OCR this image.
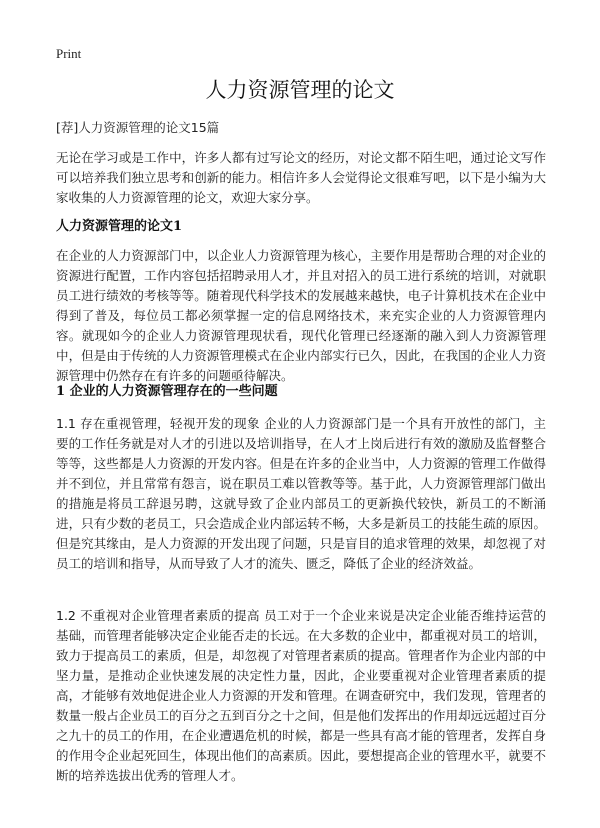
Print
人力资源管理的论文

[荐]人力资源管理的论文15篇

无论在学习或是工作中，许多人都有过写论文的经历，对论文都不陌生吧，通过论文写作可以培养我们独立思考和创新的能力。相信许多人会觉得论文很难写吧，以下是小编为大家收集的人力资源管理的论文，欢迎大家分享。

人力资源管理的论文1

在企业的人力资源部门中，以企业人力资源管理为核心，主要作用是帮助合理的对企业的资源进行配置，工作内容包括招聘录用人才，并且对招入的员工进行系统的培训，对就职员工进行绩效的考核等等。随着现代科学技术的发展越来越快，电子计算机技术在企业中得到了普及，每位员工都必须掌握一定的信息网络技术，来充实企业的人力资源管理内容。就现如今的企业人力资源管理现状看，现代化管理已经逐渐的融入到人力资源管理中，但是由于传统的人力资源管理模式在企业内部实行已久，因此，在我国的企业人力资源管理中仍然存在有许多的问题亟待解决。

1 企业的人力资源管理存在的一些问题

1.1 存在重视管理，轻视开发的现象 企业的人力资源部门是一个具有开放性的部门，主要的工作任务就是对人才的引进以及培训指导，在人才上岗后进行有效的激励及监督整合等等，这些都是人力资源的开发内容。但是在许多的企业当中，人力资源的管理工作做得并不到位，并且常常有怨言，说在职员工难以管教等等。基于此，人力资源管理部门做出的措施是将员工辞退另聘，这就导致了企业内部员工的更新换代较快，新员工的不断涌进，只有少数的老员工，只会造成企业内部运转不畅，大多是新员工的技能生疏的原因。但是究其缘由，是人力资源的开发出现了问题，只是盲目的追求管理的效果，却忽视了对员工的培训和指导，从而导致了人才的流失、匮乏，降低了企业的经济效益。

1.2 不重视对企业管理者素质的提高 员工对于一个企业来说是决定企业能否维持运营的基础，而管理者能够决定企业能否走的长远。在大多数的企业中，都重视对员工的培训，致力于提高员工的素质，但是，却忽视了对管理者素质的提高。管理者作为企业内部的中坚力量，是推动企业快速发展的决定性力量，因此，企业要重视对企业管理者素质的提高，才能够有效地促进企业人力资源的开发和管理。在调查研究中，我们发现，管理者的数量一般占企业员工的百分之五到百分之十之间，但是他们发挥出的作用却远远超过百分之九十的员工的作用，在企业遭遇危机的时候，都是一些具有高才能的管理者，发挥自身的作用令企业起死回生，体现出他们的高素质。因此，要想提高企业的管理水平，就要不断的培养选拔出优秀的管理人才。
